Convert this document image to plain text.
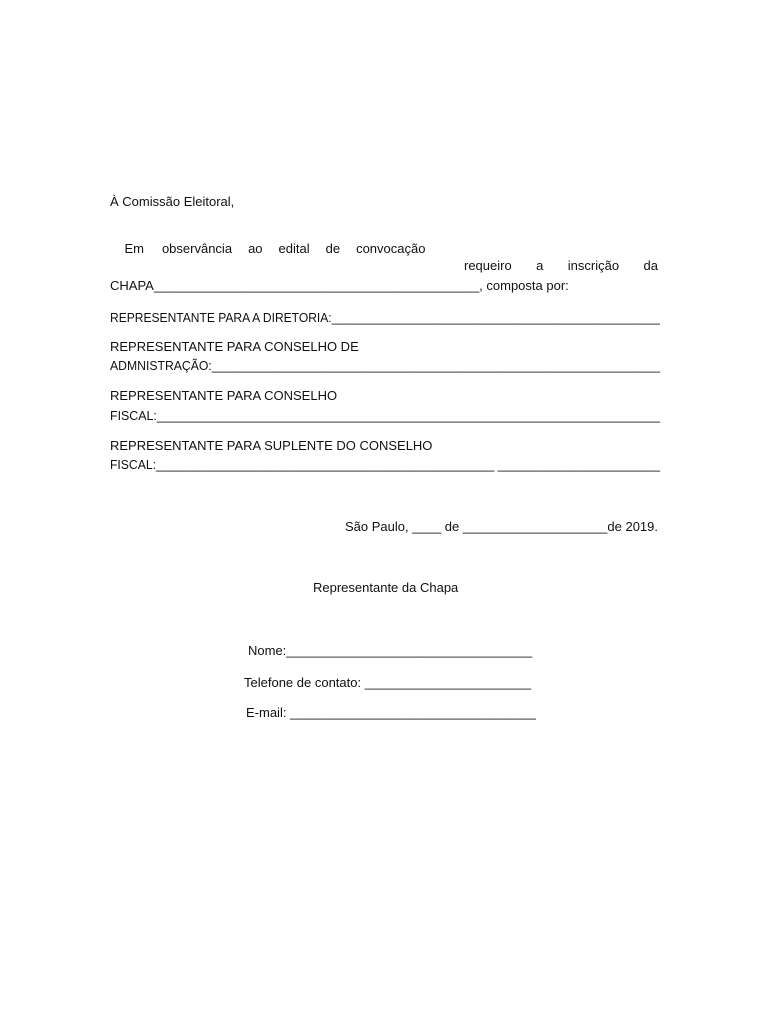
À Comissão Eleitoral,

Em observância ao edital de convocação

requeiro a inscrição da
CHAPA_____________________________________________, composta por:
REPRESENTANTE PARA A DIRETORIA:_________________________________________________
REPRESENTANTE PARA CONSELHO DE
ADMNISTRAÇÃO:__________________________________________________________________
REPRESENTANTE PARA CONSELHO
FISCAL:_________________________________________________________________________
REPRESENTANTE PARA SUPLENTE DO CONSELHO
FISCAL:__________________________________________________ ________________________
São Paulo, ____ de ____________________de 2019.
Representante da Chapa
Nome:__________________________________
Telefone de contato: _______________________
E-mail: __________________________________
